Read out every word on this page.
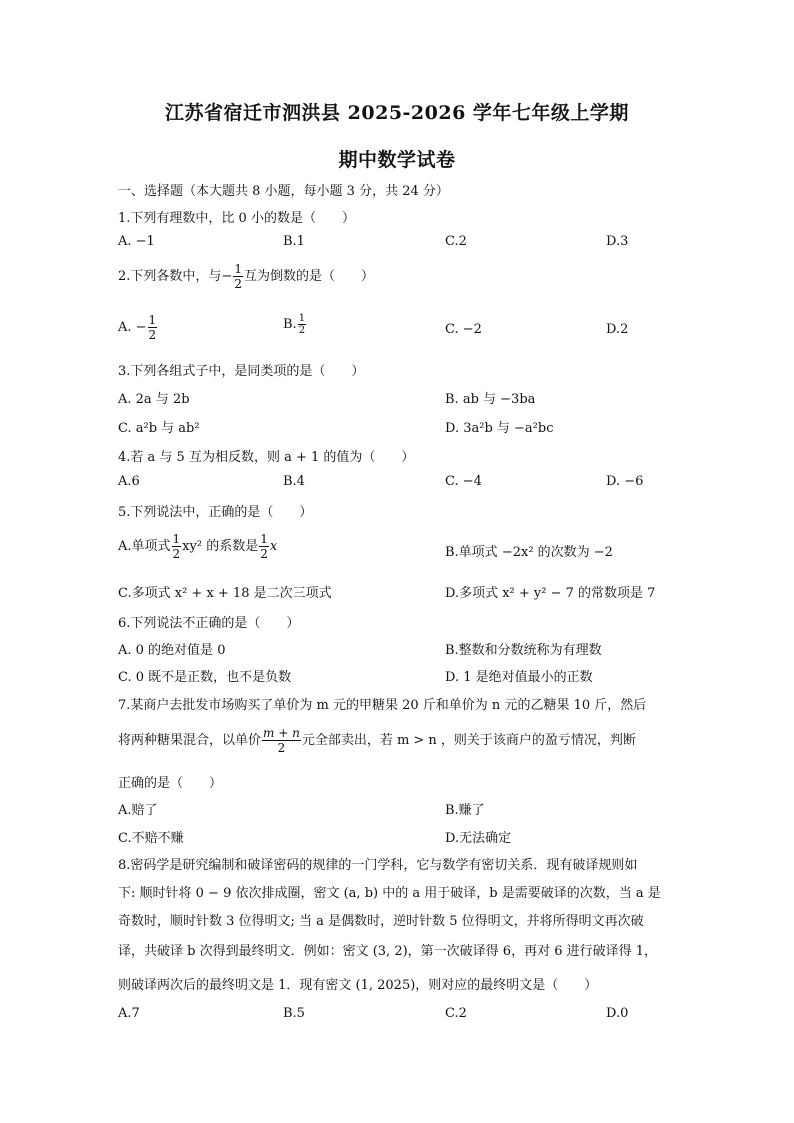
江苏省宿迁市泗洪县 2025-2026 学年七年级上学期
期中数学试卷
一、选择题（本大题共 8 小题，每小题 3 分，共 24 分）
1.下列有理数中，比 0 小的数是（　　）
A. −1	B.1	C.2	D.3
2.下列各数中，与− $\frac{1}{2}$ 互为倒数的是（　　）
A. − $\frac{1}{2}$	B. $\frac{1}{2}$	C. −2	D.2
3.下列各组式子中，是同类项的是（　　）
A. 2a 与 2b	B. ab 与 −3ba
C. a²b 与 ab²	D. 3a²b 与 −a²bc
4.若 a 与 5 互为相反数，则 a + 1 的值为（　　）
A.6	B.4	C. −4	D. −6
5.下列说法中，正确的是（　　）
A.单项式 $\frac{1}{2} xy^2$ 的系数是 $\frac{1}{2}$ x	B.单项式 −2x² 的次数为 −2
C.多项式 x² + x + 18 是二次三项式	D.多项式 x² + y² − 7 的常数项是 7
6.下列说法不正确的是（　　）
A. 0 的绝对值是 0	B.整数和分数统称为有理数
C. 0 既不是正数，也不是负数	D. 1 是绝对值最小的正数
7.某商户去批发市场购买了单价为 m 元的甲糖果 20 斤和单价为 n 元的乙糖果 10 斤，然后
将两种糖果混合，以单价 $\frac{m + n}{2}$ 元全部卖出，若 m > n ，则关于该商户的盈亏情况，判断
正确的是（　　）
A.赔了	B.赚了
C.不赔不赚	D.无法确定
8.密码学是研究编制和破译密码的规律的一门学科，它与数学有密切关系．现有破译规则如
下: 顺时针将 0 − 9 依次排成圈，密文 (a, b) 中的 a 用于破译，b 是需要破译的次数，当 a 是
奇数时，顺时针数 3 位得明文; 当 a 是偶数时，逆时针数 5 位得明文，并将所得明文再次破
译，共破译 b 次得到最终明文．例如：密文 (3, 2)，第一次破译得 6，再对 6 进行破译得 1，
则破译两次后的最终明文是 1．现有密文 (1, 2025)，则对应的最终明文是（　　）
A.7	B.5	C.2	D.0
